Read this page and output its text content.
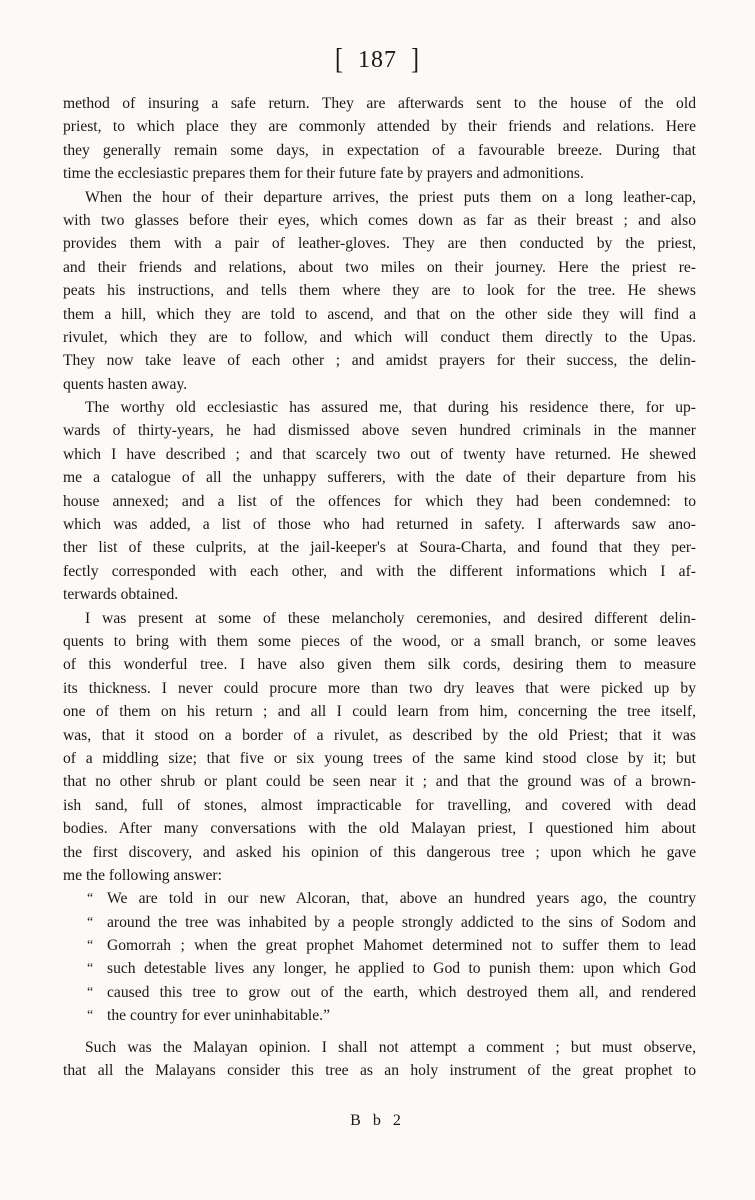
[ 187 ]
method of insuring a safe return. They are afterwards sent to the house of the old
priest, to which place they are commonly attended by their friends and relations. Here
they generally remain some days, in expectation of a favourable breeze. During that
time the ecclesiastic prepares them for their future fate by prayers and admonitions.
When the hour of their departure arrives, the priest puts them on a long leather-cap,
with two glasses before their eyes, which comes down as far as their breast ; and also
provides them with a pair of leather-gloves. They are then conducted by the priest,
and their friends and relations, about two miles on their journey. Here the priest re-
peats his instructions, and tells them where they are to look for the tree. He shews
them a hill, which they are told to ascend, and that on the other side they will find a
rivulet, which they are to follow, and which will conduct them directly to the Upas.
They now take leave of each other ; and amidst prayers for their success, the delin-
quents hasten away.
The worthy old ecclesiastic has assured me, that during his residence there, for up-
wards of thirty-years, he had dismissed above seven hundred criminals in the manner
which I have described ; and that scarcely two out of twenty have returned. He shewed
me a catalogue of all the unhappy sufferers, with the date of their departure from his
house annexed; and a list of the offences for which they had been condemned: to
which was added, a list of those who had returned in safety. I afterwards saw ano-
ther list of these culprits, at the jail-keeper's at Soura-Charta, and found that they per-
fectly corresponded with each other, and with the different informations which I af-
terwards obtained.
I was present at some of these melancholy ceremonies, and desired different delin-
quents to bring with them some pieces of the wood, or a small branch, or some leaves
of this wonderful tree. I have also given them silk cords, desiring them to measure
its thickness. I never could procure more than two dry leaves that were picked up by
one of them on his return ; and all I could learn from him, concerning the tree itself,
was, that it stood on a border of a rivulet, as described by the old Priest; that it was
of a middling size; that five or six young trees of the same kind stood close by it; but
that no other shrub or plant could be seen near it ; and that the ground was of a brown-
ish sand, full of stones, almost impracticable for travelling, and covered with dead
bodies. After many conversations with the old Malayan priest, I questioned him about
the first discovery, and asked his opinion of this dangerous tree ; upon which he gave
me the following answer:
“ We are told in our new Alcoran, that, above an hundred years ago, the country
“ around the tree was inhabited by a people strongly addicted to the sins of Sodom and
“ Gomorrah ; when the great prophet Mahomet determined not to suffer them to lead
“ such detestable lives any longer, he applied to God to punish them: upon which God
“ caused this tree to grow out of the earth, which destroyed them all, and rendered
“ the country for ever uninhabitable.”
Such was the Malayan opinion. I shall not attempt a comment ; but must observe,
that all the Malayans consider this tree as an holy instrument of the great prophet to
B b 2
